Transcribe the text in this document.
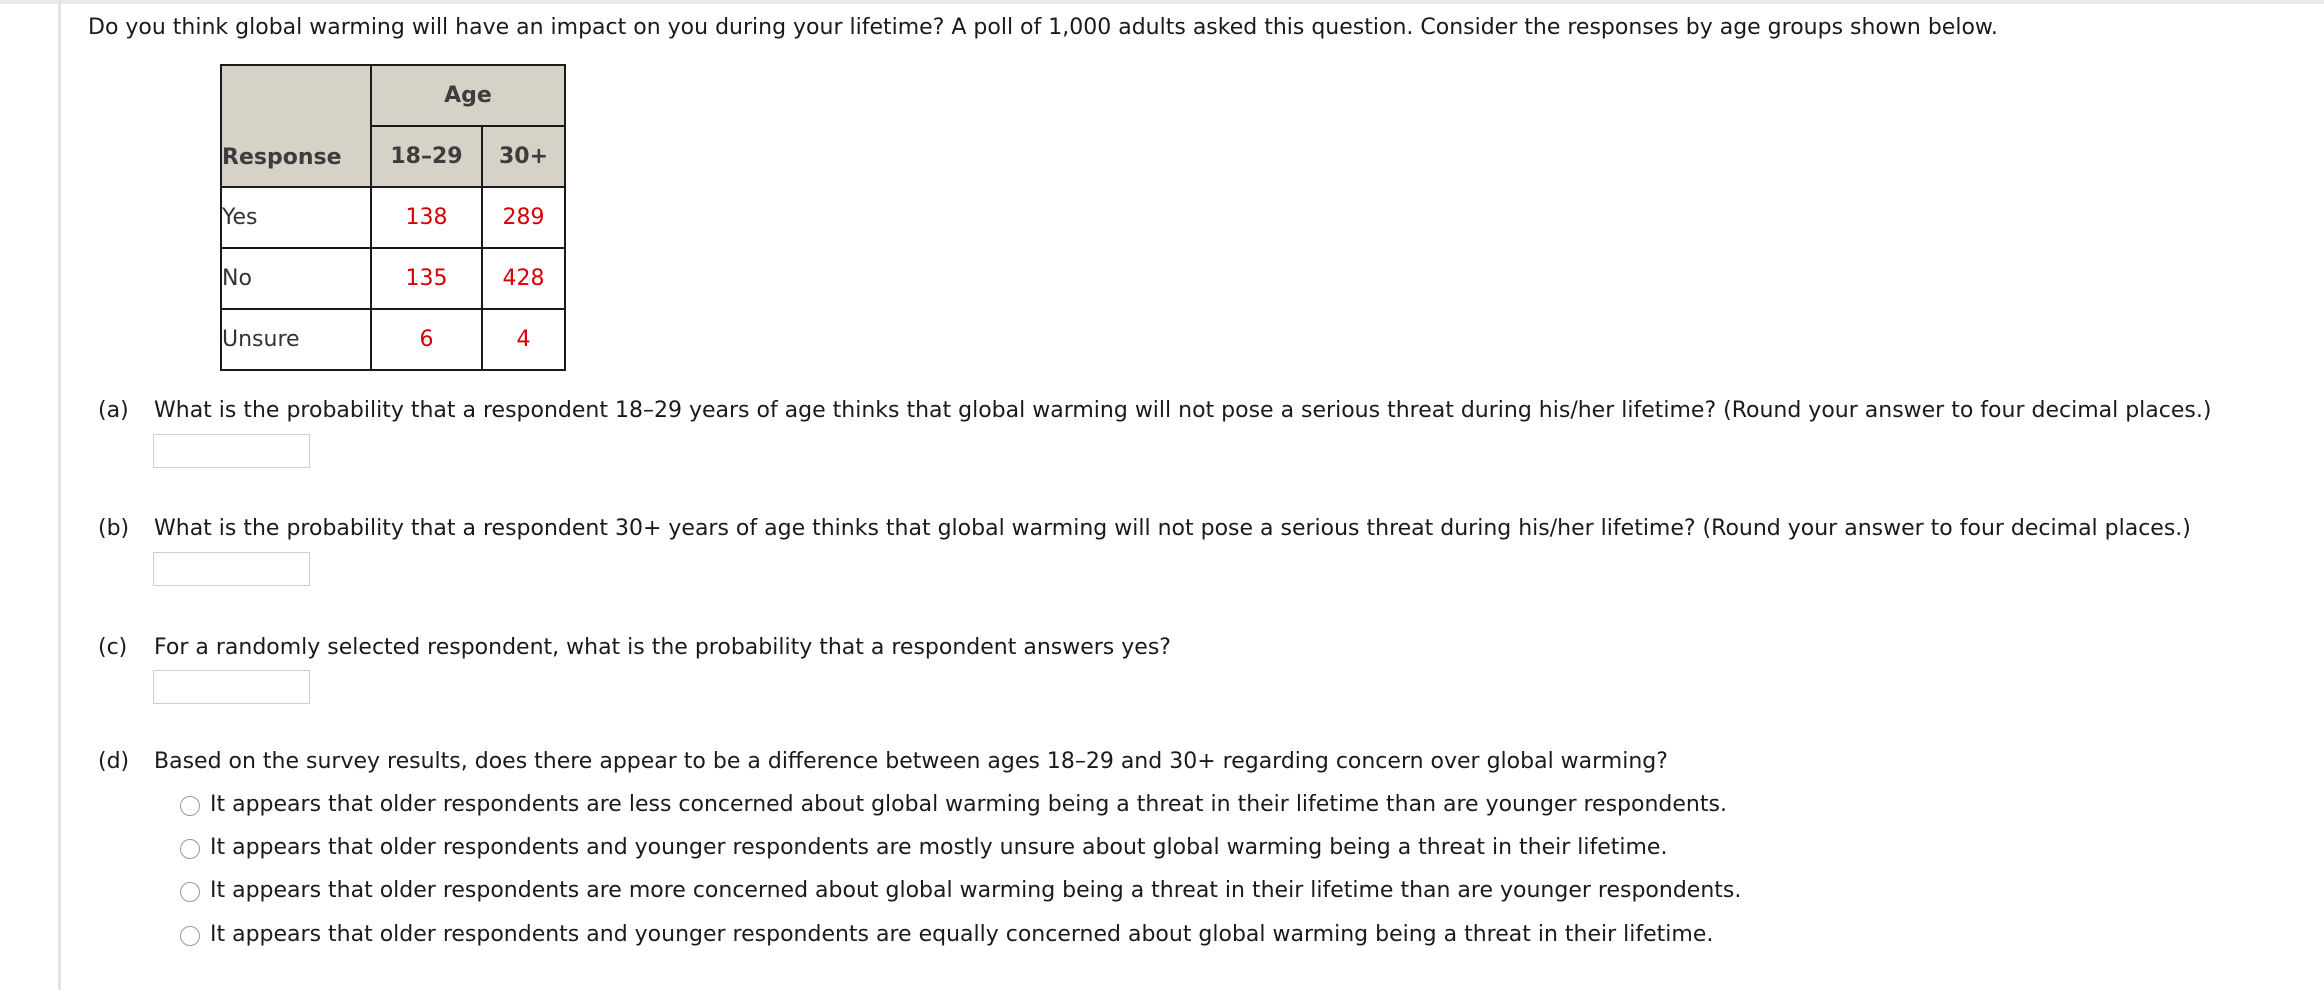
Do you think global warming will have an impact on you during your lifetime? A poll of 1,000 adults asked this question. Consider the responses by age groups shown below.
Response	Age	
	18–29	30+
Yes	138	289
No	135	428
Unsure	6	4
(a) What is the probability that a respondent 18–29 years of age thinks that global warming will not pose a serious threat during his/her lifetime? (Round your answer to four decimal places.)
(b) What is the probability that a respondent 30+ years of age thinks that global warming will not pose a serious threat during his/her lifetime? (Round your answer to four decimal places.)
(c) For a randomly selected respondent, what is the probability that a respondent answers yes?
(d) Based on the survey results, does there appear to be a difference between ages 18–29 and 30+ regarding concern over global warming?
It appears that older respondents are less concerned about global warming being a threat in their lifetime than are younger respondents.
It appears that older respondents and younger respondents are mostly unsure about global warming being a threat in their lifetime.
It appears that older respondents are more concerned about global warming being a threat in their lifetime than are younger respondents.
It appears that older respondents and younger respondents are equally concerned about global warming being a threat in their lifetime.
